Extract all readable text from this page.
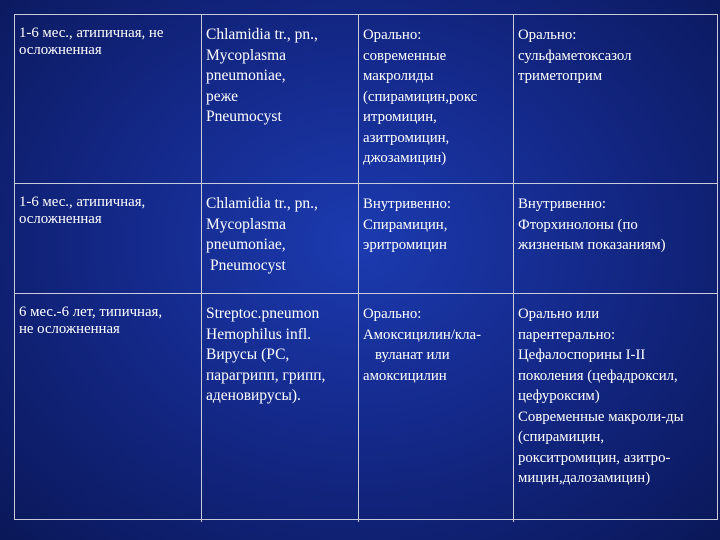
1-6 мес., атипичная, не
осложненная
Chlamidia tr., pn.,
Mycoplasma
pneumoniae,
реже
Pneumocyst
Орально:
современные
макролиды
(спирамицин,рокс
итромицин,
азитромицин,
джозамицин)
Орально:
сульфаметоксазол
триметоприм
1-6 мес., атипичная,
осложненная
Chlamidia tr., pn.,
Mycoplasma
pneumoniae,
Pneumocyst
Внутривенно:
Спирамицин,
эритромицин
Внутривенно:
Фторхинолоны (по
жизненым показаниям)
6 мес.-6 лет, типичная,
не осложненная
Streptoc.pneumon
Hemophilus infl.
Вирусы (РС,
парагрипп, грипп,
аденовирусы).
Орально:
Амоксицилин/кла-
вуланат или
амоксицилин
Орально или
парентерально:
Цефалоспорины I-II
поколения (цефадроксил,
цефуроксим)
Современные макроли-ды
(спирамицин,
рокситромицин, азитро-
мицин,далозамицин)
